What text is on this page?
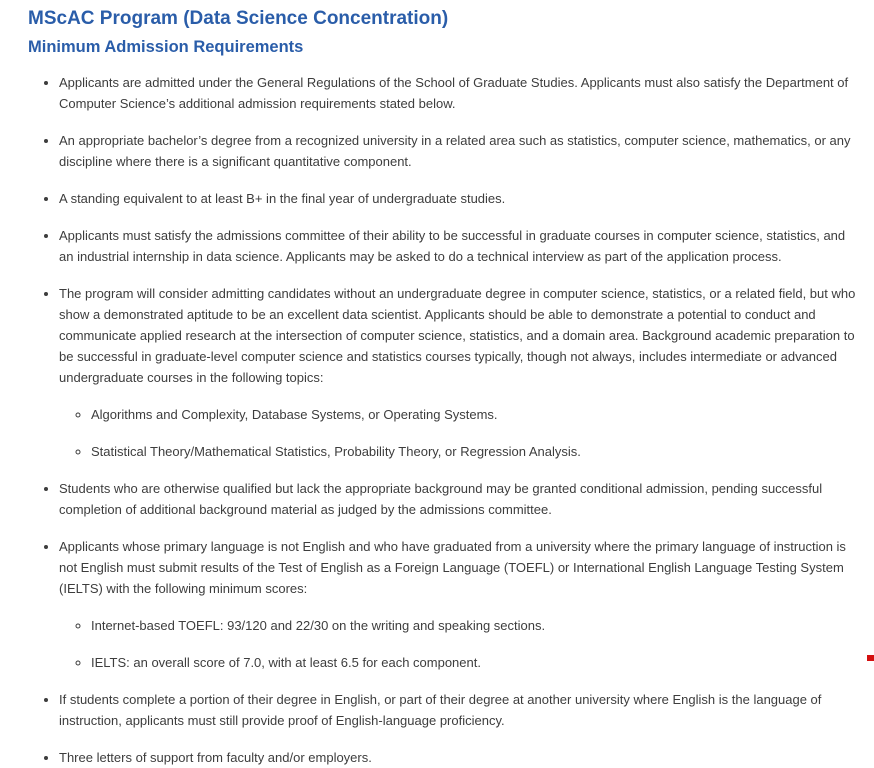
MScAC Program (Data Science Concentration)
Minimum Admission Requirements
• Applicants are admitted under the General Regulations of the School of Graduate Studies. Applicants must also satisfy the Department of Computer Science’s additional admission requirements stated below.
• An appropriate bachelor’s degree from a recognized university in a related area such as statistics, computer science, mathematics, or any discipline where there is a significant quantitative component.
• A standing equivalent to at least B+ in the final year of undergraduate studies.
• Applicants must satisfy the admissions committee of their ability to be successful in graduate courses in computer science, statistics, and an industrial internship in data science. Applicants may be asked to do a technical interview as part of the application process.
• The program will consider admitting candidates without an undergraduate degree in computer science, statistics, or a related field, but who show a demonstrated aptitude to be an excellent data scientist. Applicants should be able to demonstrate a potential to conduct and communicate applied research at the intersection of computer science, statistics, and a domain area. Background academic preparation to be successful in graduate-level computer science and statistics courses typically, though not always, includes intermediate or advanced undergraduate courses in the following topics:
◦ Algorithms and Complexity, Database Systems, or Operating Systems.
◦ Statistical Theory/Mathematical Statistics, Probability Theory, or Regression Analysis.
• Students who are otherwise qualified but lack the appropriate background may be granted conditional admission, pending successful completion of additional background material as judged by the admissions committee.
• Applicants whose primary language is not English and who have graduated from a university where the primary language of instruction is not English must submit results of the Test of English as a Foreign Language (TOEFL) or International English Language Testing System (IELTS) with the following minimum scores:
◦ Internet-based TOEFL: 93/120 and 22/30 on the writing and speaking sections.
◦ IELTS: an overall score of 7.0, with at least 6.5 for each component.
• If students complete a portion of their degree in English, or part of their degree at another university where English is the language of instruction, applicants must still provide proof of English-language proficiency.
• Three letters of support from faculty and/or employers.
